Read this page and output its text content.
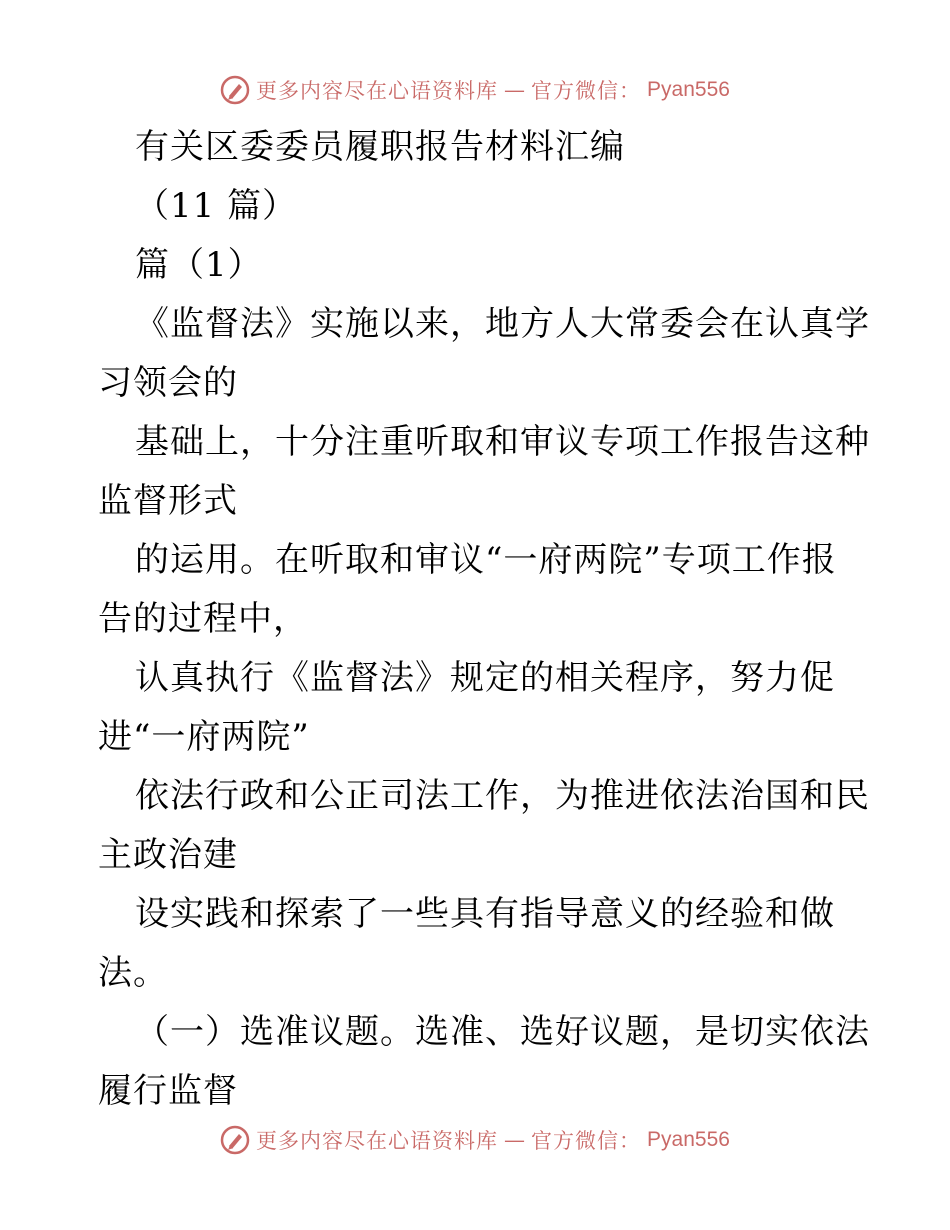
更多内容尽在心语资料库 — 官方微信： Pyan556
有关区委委员履职报告材料汇编
（11 篇）
篇（1）
《监督法》实施以来，地方人大常委会在认真学
习领会的
基础上，十分注重听取和审议专项工作报告这种
监督形式
的运用。在听取和审议“一府两院”专项工作报
告的过程中，
认真执行《监督法》规定的相关程序，努力促
进“一府两院”
依法行政和公正司法工作，为推进依法治国和民
主政治建
设实践和探索了一些具有指导意义的经验和做
法。
（一）选准议题。选准、选好议题，是切实依法
履行监督
更多内容尽在心语资料库 — 官方微信： Pyan556
